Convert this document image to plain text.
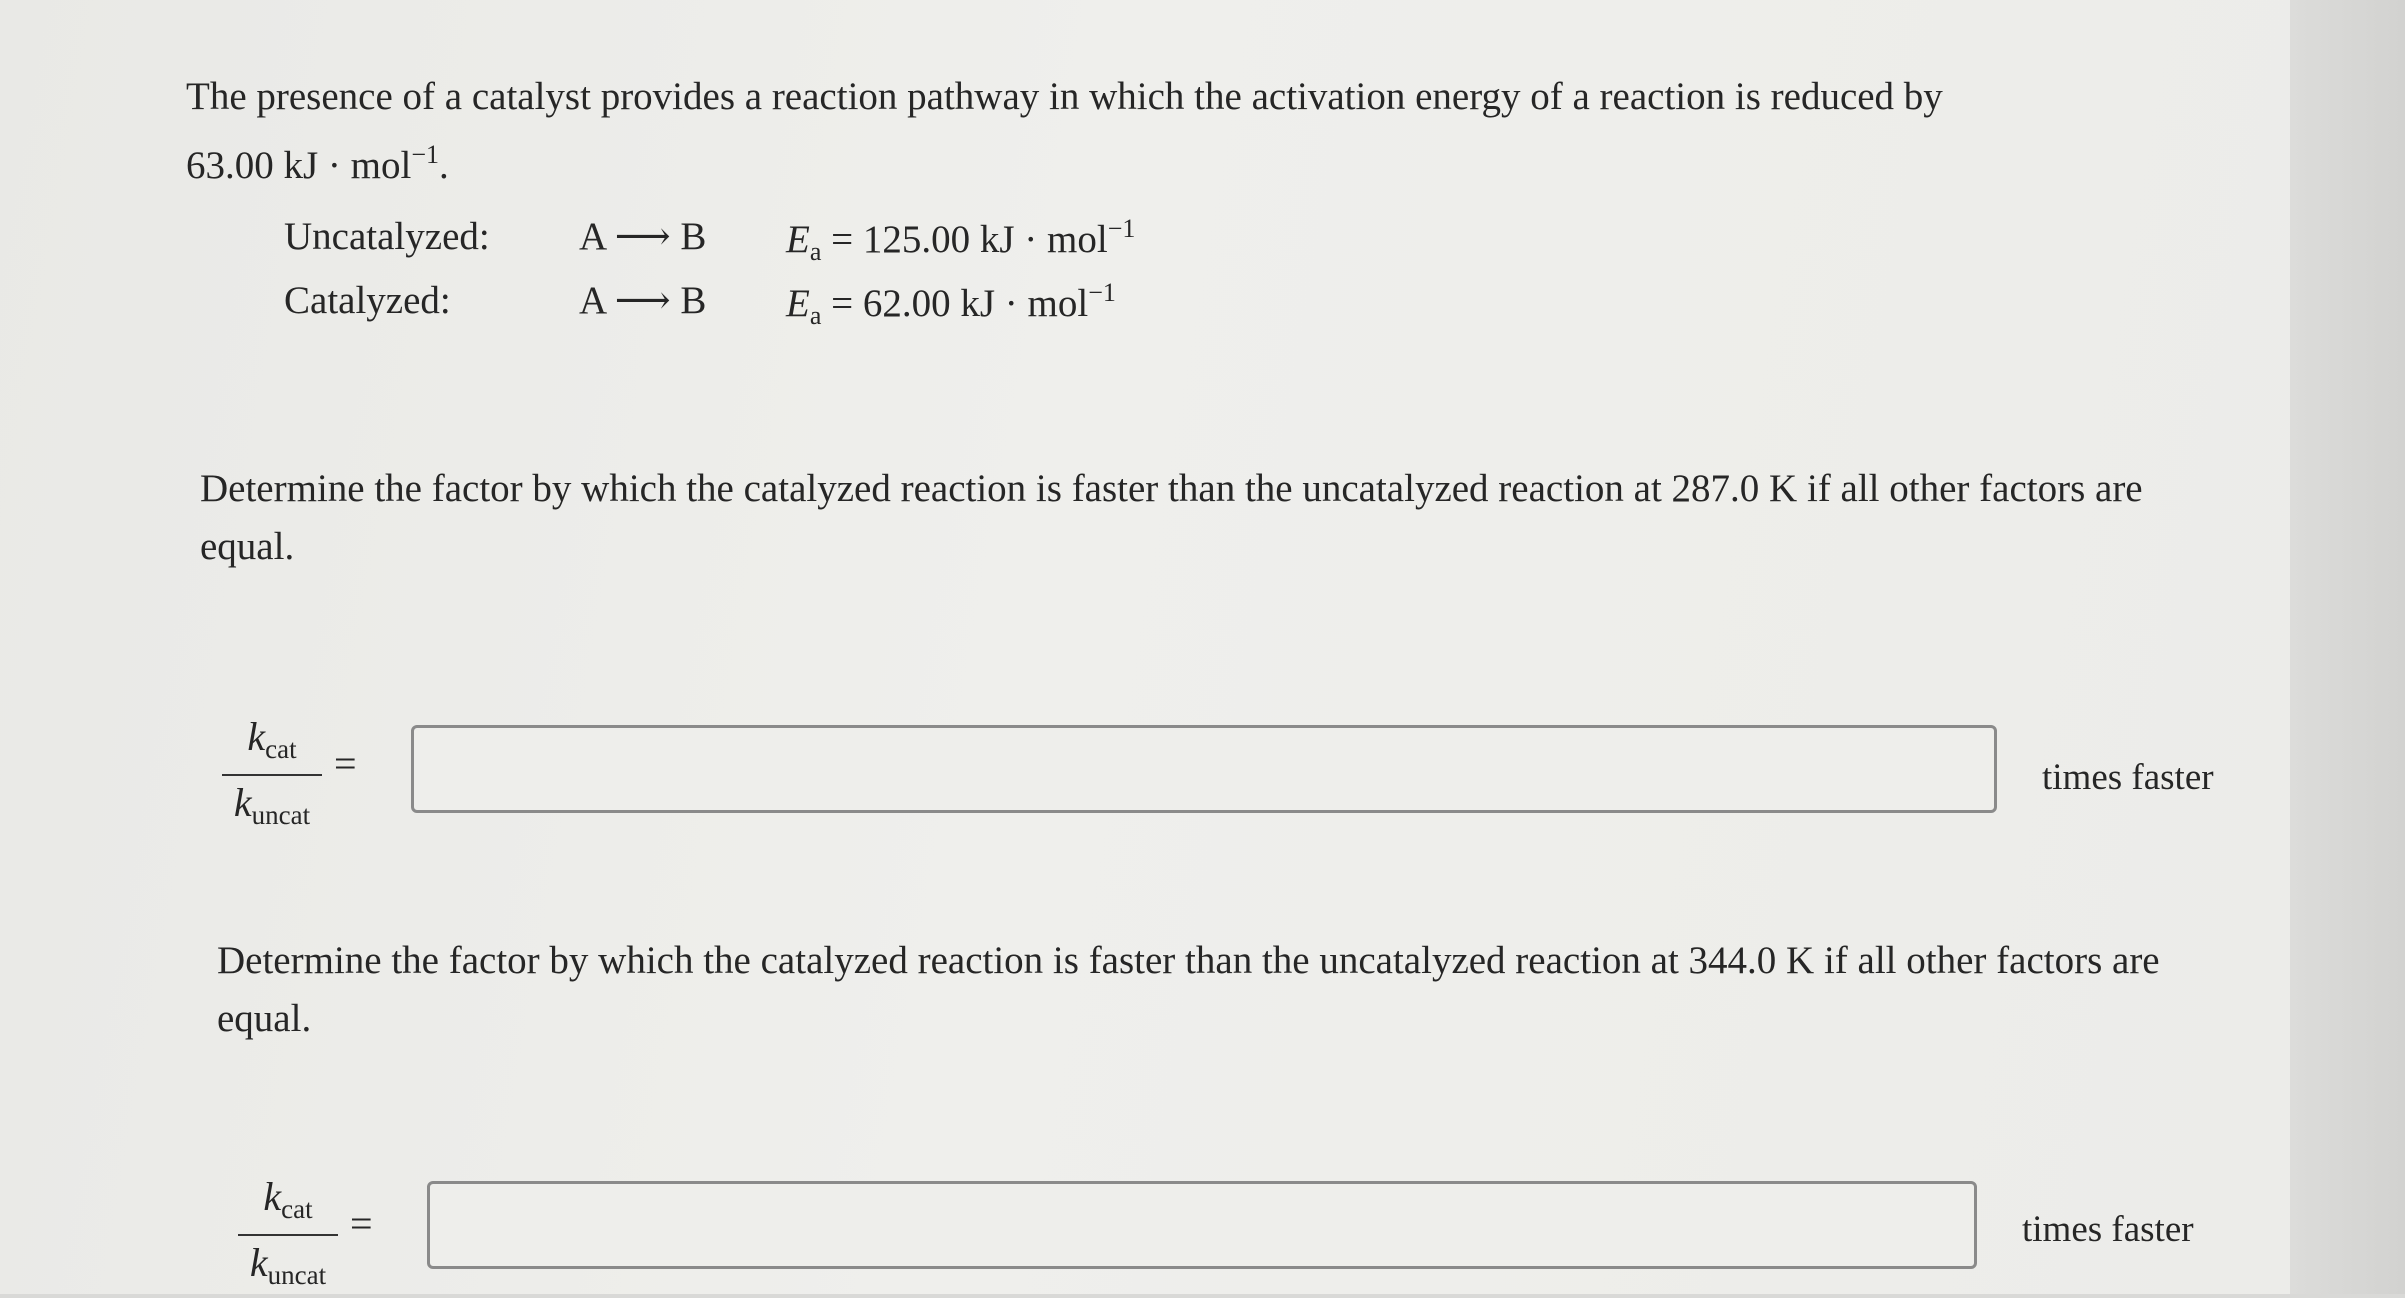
The presence of a catalyst provides a reaction pathway in which the activation energy of a reaction is reduced by
63.00 kJ · mol$^{-1}$.
Uncatalyzed: A ⟶ B $E_a = 125.00$ kJ · mol$^{-1}$
Catalyzed:	A ⟶ B $E_a = 62.00$ kJ · mol$^{-1}$
Determine the factor by which the catalyzed reaction is faster than the uncatalyzed reaction at 287.0 K if all other factors are equal.
$k_{cat}$
$k_{uncat}$
=	times faster
Determine the factor by which the catalyzed reaction is faster than the uncatalyzed reaction at 344.0 K if all other factors are equal.
$k_{cat}$
$k_{uncat}$
=	times faster
